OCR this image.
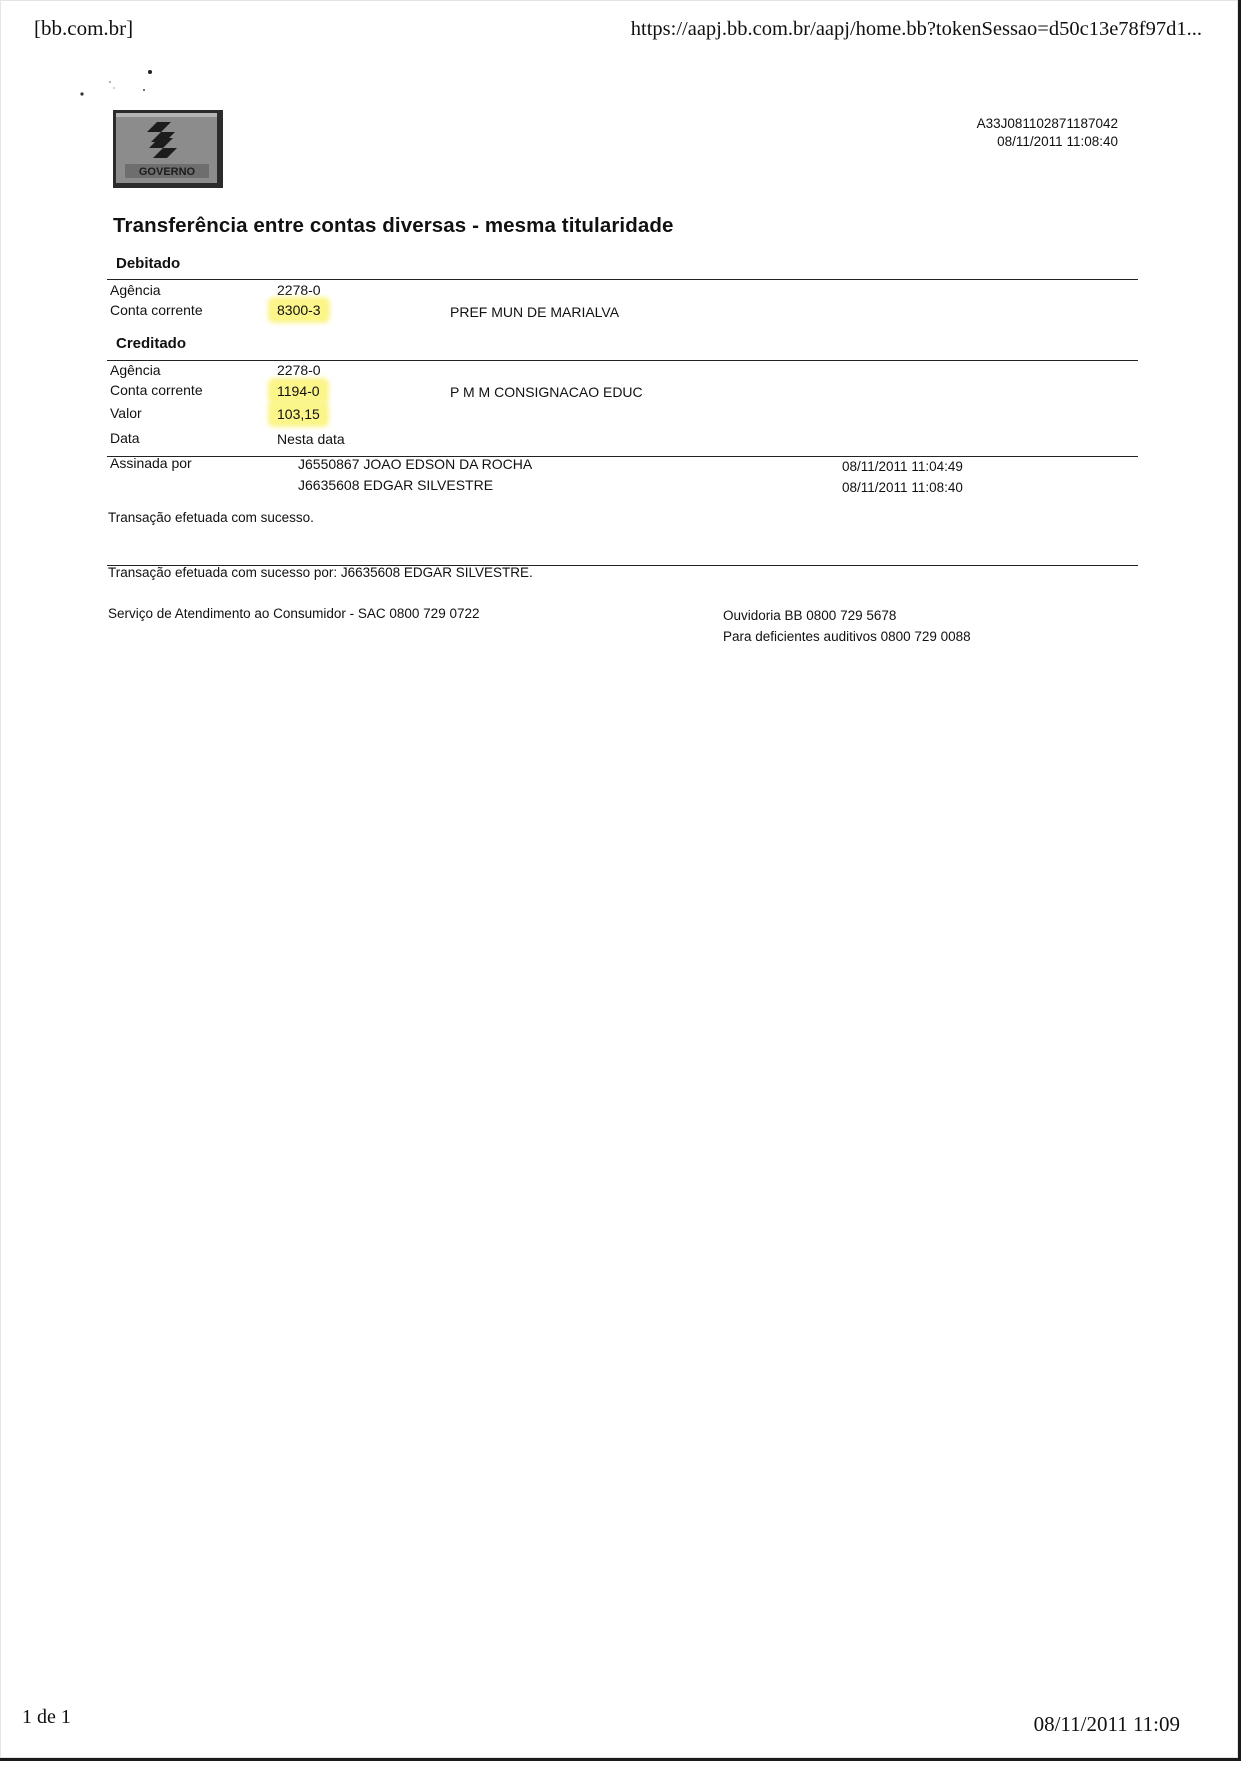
[bb.com.br]	https://aapj.bb.com.br/aapj/home.bb?tokenSessao=d50c13e78f97d1...
GOVERNO
A33J081102871187042
08/11/2011 11:08:40
Transferência entre contas diversas - mesma titularidade
Debitado
Agência	2278-0
Conta corrente	8300-3	PREF MUN DE MARIALVA
Creditado
Agência	2278-0
Conta corrente	1194-0	P M M CONSIGNACAO EDUC
Valor	103,15
Data	Nesta data
Assinada por	J6550867 JOAO EDSON DA ROCHA	08/11/2011 11:04:49
J6635608 EDGAR SILVESTRE	08/11/2011 11:08:40
Transação efetuada com sucesso.
Transação efetuada com sucesso por: J6635608 EDGAR SILVESTRE.
Serviço de Atendimento ao Consumidor - SAC 0800 729 0722	Ouvidoria BB 0800 729 5678
Para deficientes auditivos 0800 729 0088
1 de 1	08/11/2011 11:09
